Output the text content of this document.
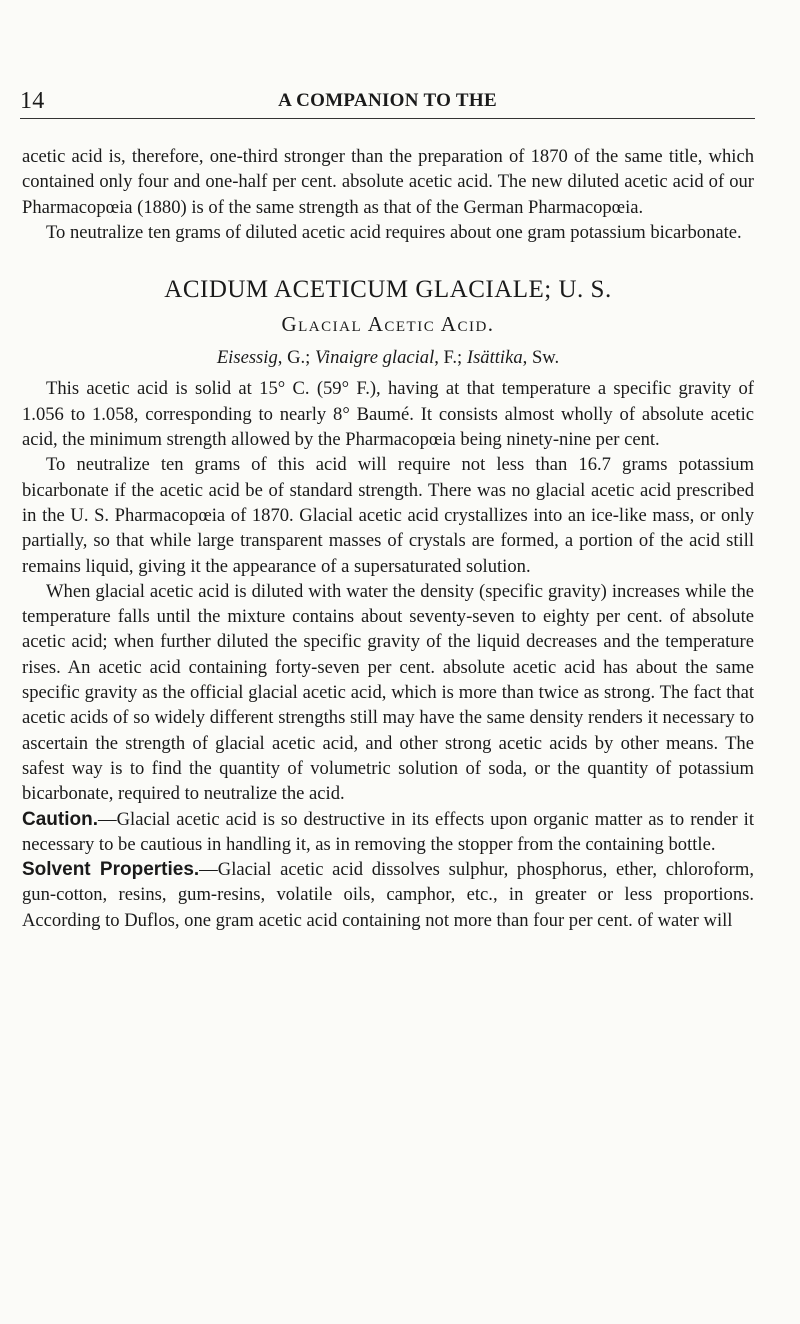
14	A COMPANION TO THE

acetic acid is, therefore, one-third stronger than the preparation of 1870 of the same title, which contained only four and one-half per cent. absolute acetic acid. The new diluted acetic acid of our Pharmacopœia (1880) is of the same strength as that of the German Pharmacopœia.

To neutralize ten grams of diluted acetic acid requires about one gram potassium bicarbonate.

ACIDUM ACETICUM GLACIALE; U. S.
Glacial Acetic Acid.
Eisessig, G.; Vinaigre glacial, F.; Isättika, Sw.

This acetic acid is solid at 15° C. (59° F.), having at that temperature a specific gravity of 1.056 to 1.058, corresponding to nearly 8° Baumé. It consists almost wholly of absolute acetic acid, the minimum strength allowed by the Pharmacopœia being ninety-nine per cent.

To neutralize ten grams of this acid will require not less than 16.7 grams potassium bicarbonate if the acetic acid be of standard strength. There was no glacial acetic acid prescribed in the U. S. Pharmacopœia of 1870. Glacial acetic acid crystallizes into an ice-like mass, or only partially, so that while large transparent masses of crystals are formed, a portion of the acid still remains liquid, giving it the appearance of a supersaturated solution.

When glacial acetic acid is diluted with water the density (specific gravity) increases while the temperature falls until the mixture contains about seventy-seven to eighty per cent. of absolute acetic acid; when further diluted the specific gravity of the liquid decreases and the temperature rises. An acetic acid containing forty-seven per cent. absolute acetic acid has about the same specific gravity as the official glacial acetic acid, which is more than twice as strong. The fact that acetic acids of so widely different strengths still may have the same density renders it necessary to ascertain the strength of glacial acetic acid, and other strong acetic acids by other means. The safest way is to find the quantity of volumetric solution of soda, or the quantity of potassium bicarbonate, required to neutralize the acid.

Caution.—Glacial acetic acid is so destructive in its effects upon organic matter as to render it necessary to be cautious in handling it, as in removing the stopper from the containing bottle.

Solvent Properties.—Glacial acetic acid dissolves sulphur, phosphorus, ether, chloroform, gun-cotton, resins, gum-resins, volatile oils, camphor, etc., in greater or less proportions. According to Duflos, one gram acetic acid containing not more than four per cent. of water will
